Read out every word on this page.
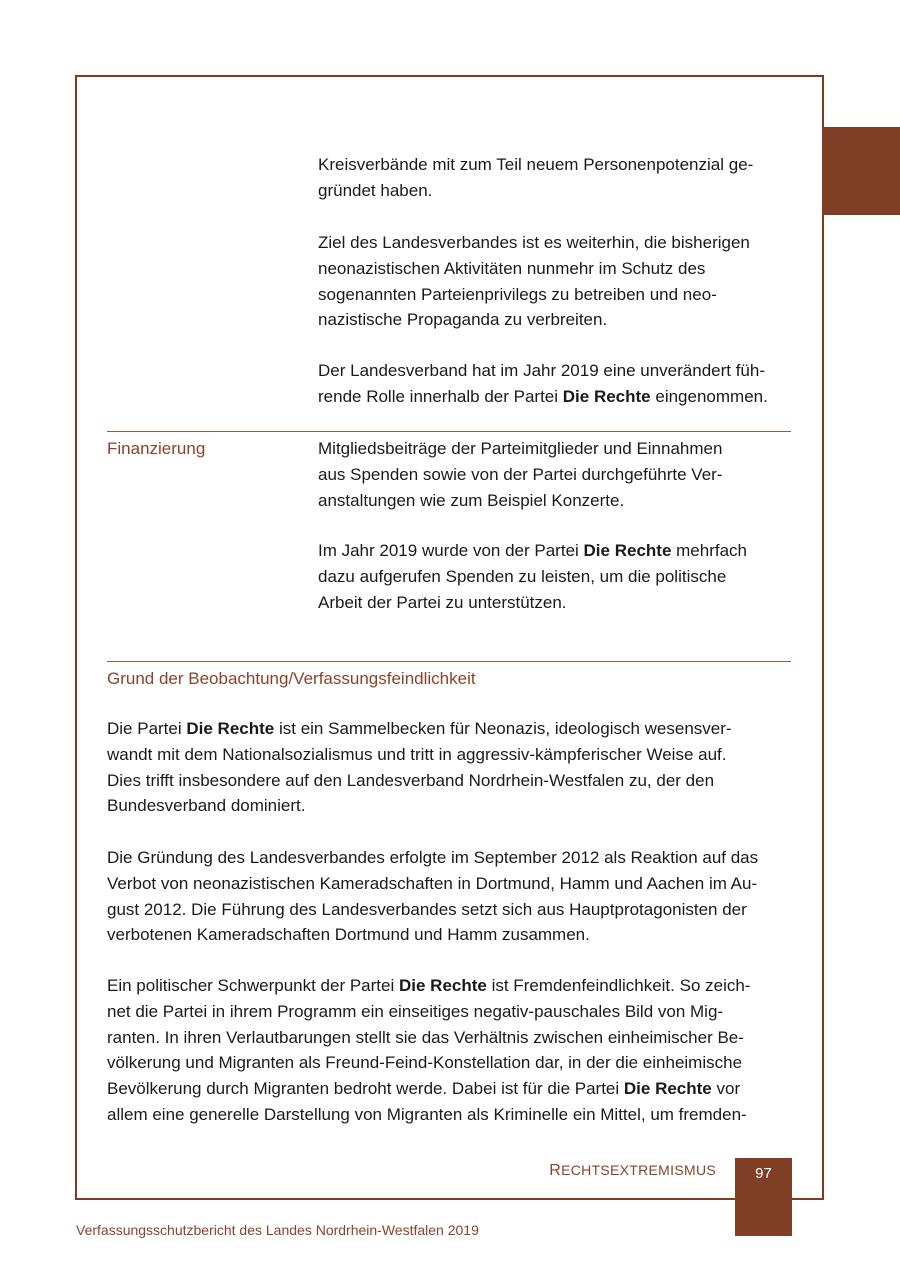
Kreisverbände mit zum Teil neuem Personenpotenzial ge-
gründet haben.

Ziel des Landesverbandes ist es weiterhin, die bisherigen
neonazistischen Aktivitäten nunmehr im Schutz des
sogenannten Parteienprivilegs zu betreiben und neo-
nazistische Propaganda zu verbreiten.

Der Landesverband hat im Jahr 2019 eine unverändert füh-
rende Rolle innerhalb der Partei Die Rechte eingenommen.

Finanzierung	Mitgliedsbeiträge der Parteimitglieder und Einnahmen
aus Spenden sowie von der Partei durchgeführte Ver-
anstaltungen wie zum Beispiel Konzerte.

Im Jahr 2019 wurde von der Partei Die Rechte mehrfach
dazu aufgerufen Spenden zu leisten, um die politische
Arbeit der Partei zu unterstützen.

Grund der Beobachtung/Verfassungsfeindlichkeit

Die Partei Die Rechte ist ein Sammelbecken für Neonazis, ideologisch wesensver-
wandt mit dem Nationalsozialismus und tritt in aggressiv-kämpferischer Weise auf.
Dies trifft insbesondere auf den Landesverband Nordrhein-Westfalen zu, der den
Bundesverband dominiert.

Die Gründung des Landesverbandes erfolgte im September 2012 als Reaktion auf das
Verbot von neonazistischen Kameradschaften in Dortmund, Hamm und Aachen im Au-
gust 2012. Die Führung des Landesverbandes setzt sich aus Hauptprotagonisten der
verbotenen Kameradschaften Dortmund und Hamm zusammen.

Ein politischer Schwerpunkt der Partei Die Rechte ist Fremdenfeindlichkeit. So zeich-
net die Partei in ihrem Programm ein einseitiges negativ-pauschales Bild von Mig-
ranten. In ihren Verlautbarungen stellt sie das Verhältnis zwischen einheimischer Be-
völkerung und Migranten als Freund-Feind-Konstellation dar, in der die einheimische
Bevölkerung durch Migranten bedroht werde. Dabei ist für die Partei Die Rechte vor
allem eine generelle Darstellung von Migranten als Kriminelle ein Mittel, um fremden-

RECHTSEXTREMISMUS	97
Verfassungsschutzbericht des Landes Nordrhein-Westfalen 2019
